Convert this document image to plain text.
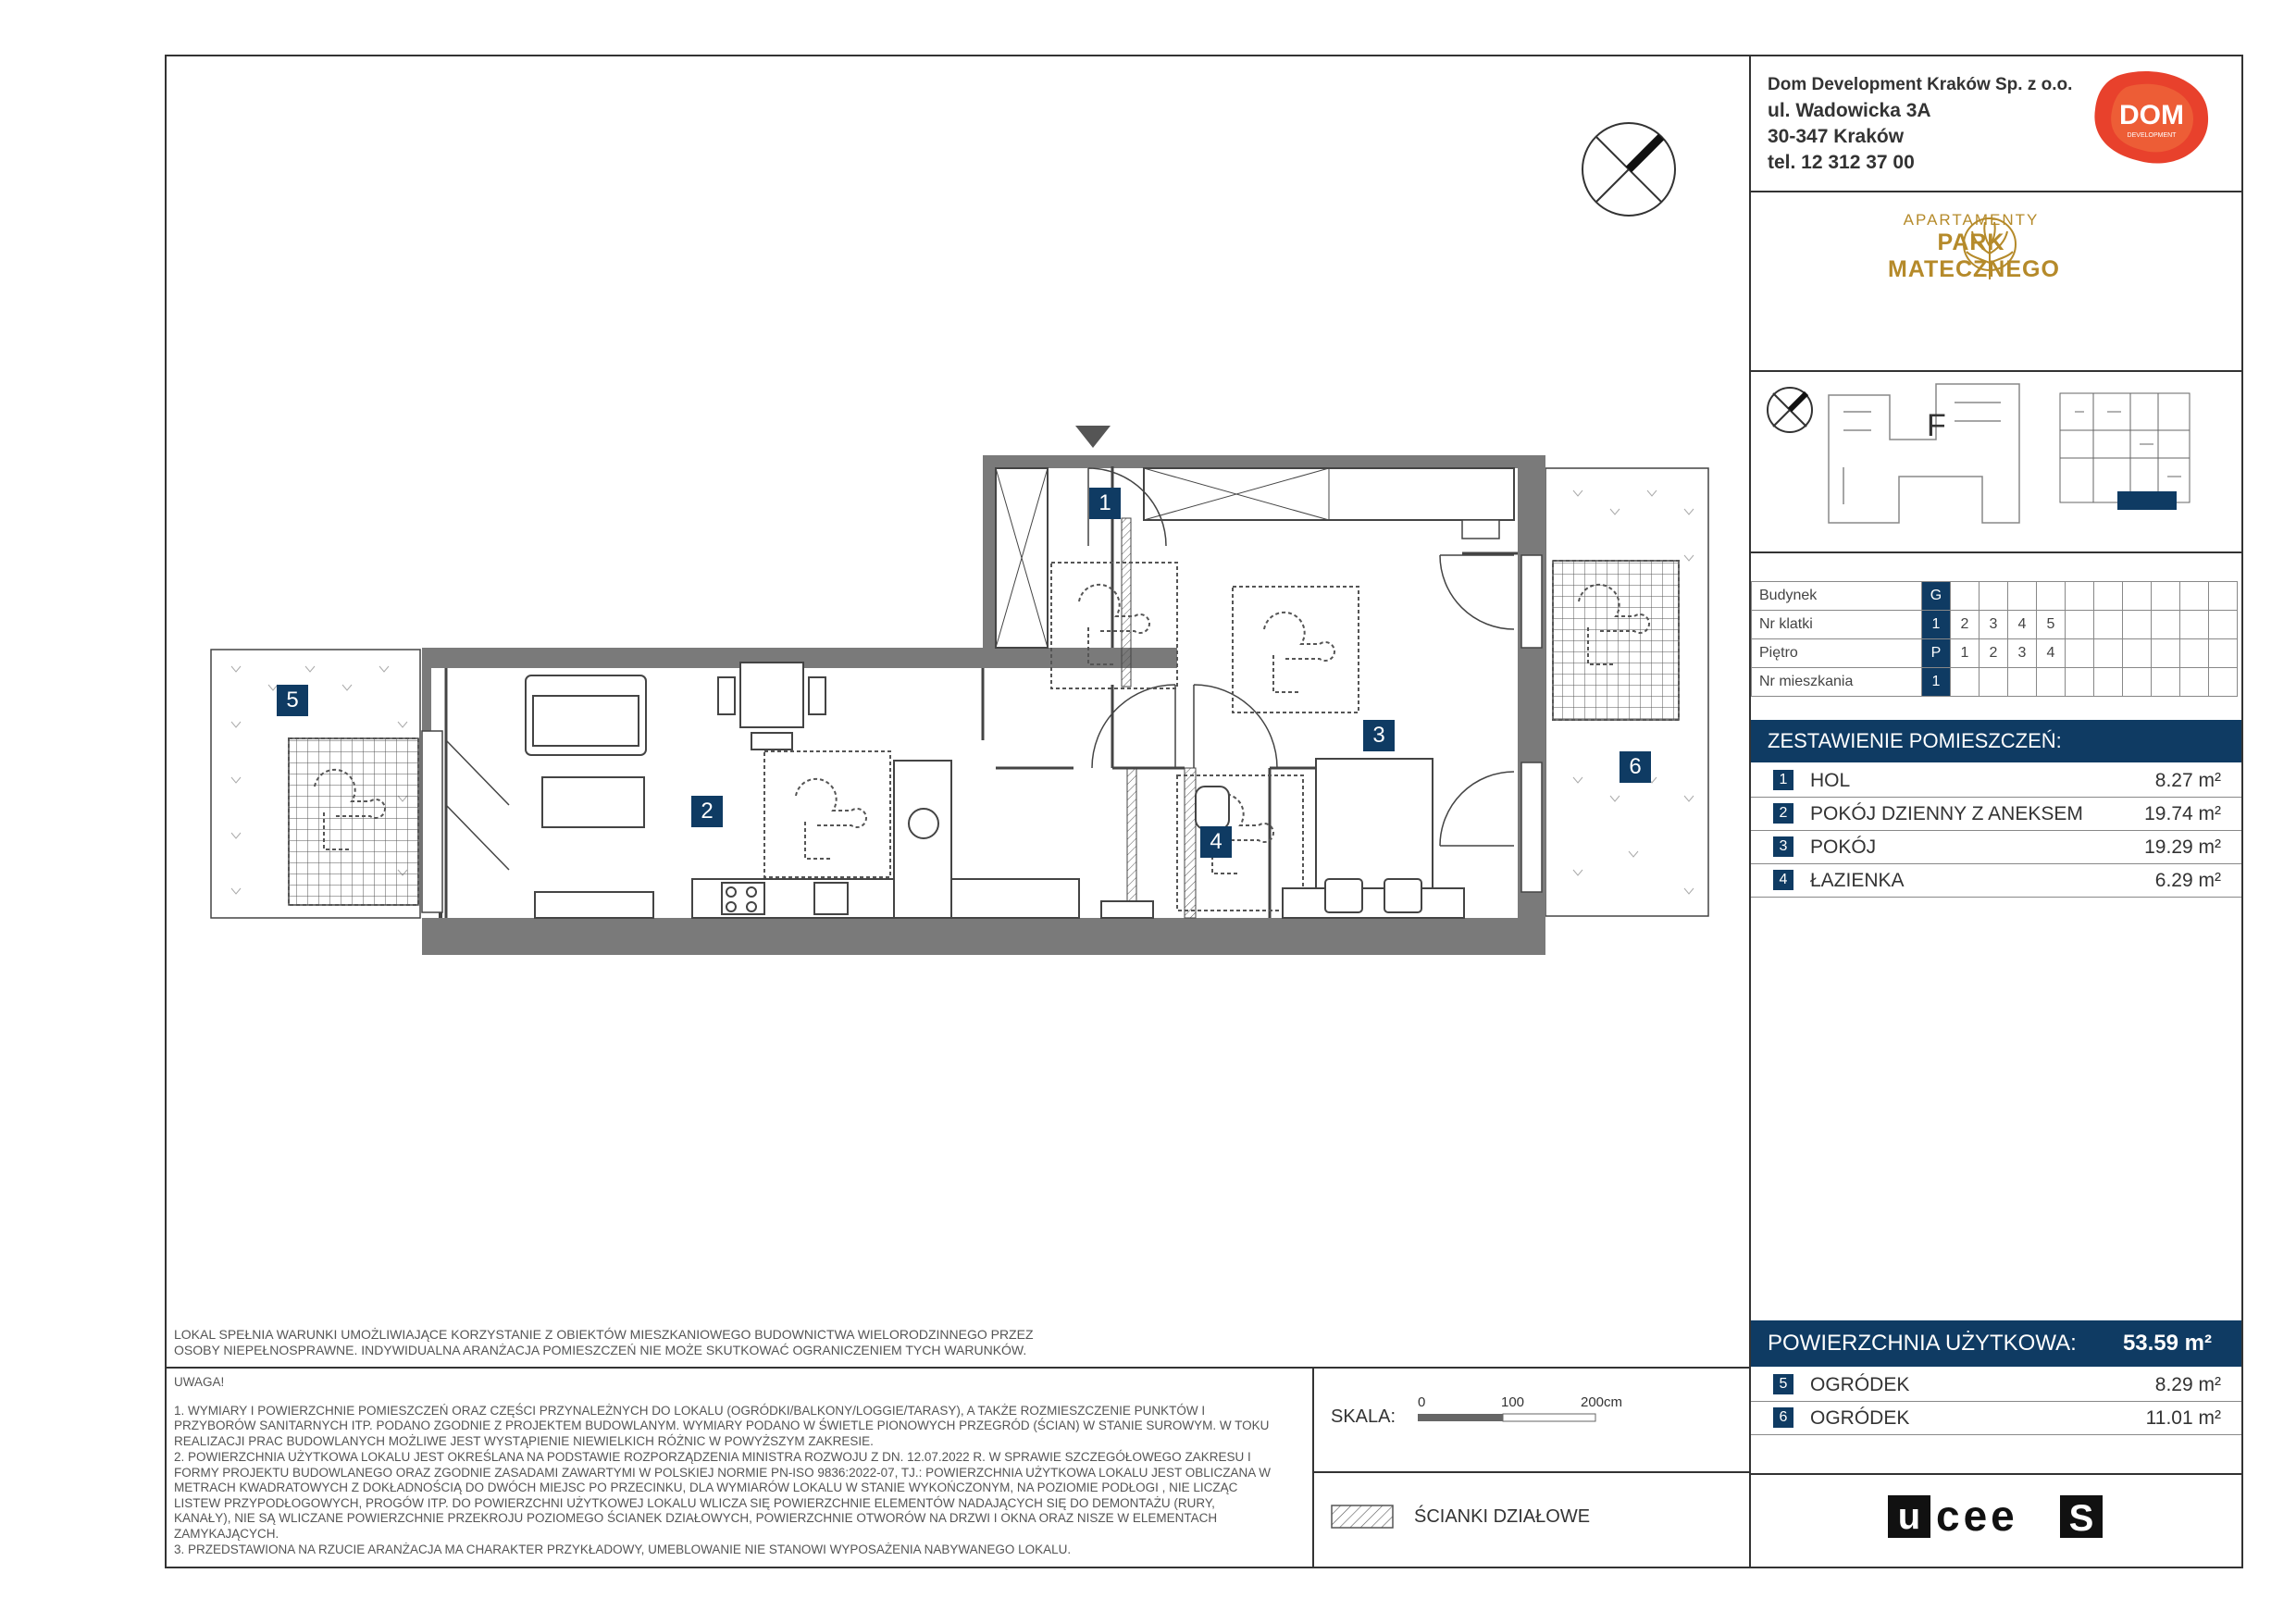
Dom Development Kraków Sp. z o.o.
ul. Wadowicka 3A
30-347 Kraków
tel. 12 312 37 00
DOM
DEVELOPMENT
APARTAMENTY
PARK MATECZNEGO
F
Budynek	G										
Nr klatki	1	2	3	4	5						
Piętro	P	1	2	3	4						
Nr mieszkania	1										
ZESTAWIENIE POMIESZCZEŃ:
1	HOL	8.27 m²
2	POKÓJ DZIENNY Z ANEKSEM	19.74 m²
3	POKÓJ	19.29 m²
4	ŁAZIENKA	6.29 m²
POWIERZCHNIA UŻYTKOWA: 53.59 m²
5	OGRÓDEK	8.29 m²
6	OGRÓDEK	11.01 m²
u cee S
LOKAL SPEŁNIA WARUNKI UMOŻLIWIAJĄCE KORZYSTANIE Z OBIEKTÓW MIESZKANIOWEGO BUDOWNICTWA WIELORODZINNEGO PRZEZ OSOBY NIEPEŁNOSPRAWNE. INDYWIDUALNA ARANŻACJA POMIESZCZEŃ NIE MOŻE SKUTKOWAĆ OGRANICZENIEM TYCH WARUNKÓW.

UWAGA!

1. WYMIARY I POWIERZCHNIE POMIESZCZEŃ ORAZ CZĘŚCI PRZYNALEŻNYCH DO LOKALU (OGRÓDKI/BALKONY/LOGGIE/TARASY), A TAKŻE ROZMIESZCZENIE PUNKTÓW I PRZYBORÓW SANITARNYCH ITP. PODANO ZGODNIE Z PROJEKTEM BUDOWLANYM. WYMIARY PODANO W ŚWIETLE PIONOWYCH PRZEGRÓD (ŚCIAN) W STANIE SUROWYM. W TOKU REALIZACJI PRAC BUDOWLANYCH MOŻLIWE JEST WYSTĄPIENIE NIEWIELKICH RÓŻNIC W POWYŻSZYM ZAKRESIE.

2. POWIERZCHNIA UŻYTKOWA LOKALU JEST OKREŚLANA NA PODSTAWIE ROZPORZĄDZENIA MINISTRA ROZWOJU Z DN. 12.07.2022 R. W SPRAWIE SZCZEGÓŁOWEGO ZAKRESU I FORMY PROJEKTU BUDOWLANEGO ORAZ ZGODNIE ZASADAMI ZAWARTYMI W POLSKIEJ NORMIE PN-ISO 9836:2022-07, TJ.: POWIERZCHNIA UŻYTKOWA LOKALU JEST OBLICZANA W METRACH KWADRATOWYCH Z DOKŁADNOŚCIĄ DO DWÓCH MIEJSC PO PRZECINKU, DLA WYMIARÓW LOKALU W STANIE WYKOŃCZONYM, NA POZIOMIE PODŁOGI , NIE LICZĄC LISTEW PRZYPODŁOGOWYCH, PROGÓW ITP. DO POWIERZCHNI UŻYTKOWEJ LOKALU WLICZA SIĘ POWIERZCHNIE ELEMENTÓW NADAJĄCYCH SIĘ DO DEMONTAŻU (RURY, KANAŁY), NIE SĄ WLICZANE POWIERZCHNIE PRZEKROJU POZIOMEGO ŚCIANEK DZIAŁOWYCH, POWIERZCHNIE OTWORÓW NA DRZWI I OKNA ORAZ NISZE W ELEMENTACH ZAMYKAJĄCYCH.

3. PRZEDSTAWIONA NA RZUCIE ARANŻACJA MA CHARAKTER PRZYKŁADOWY, UMEBLOWANIE NIE STANOWI WYPOSAŻENIA NABYWANEGO LOKALU.

SKALA:
0	100	200cm
ŚCIANKI DZIAŁOWE
1
2
3
4
5
6
